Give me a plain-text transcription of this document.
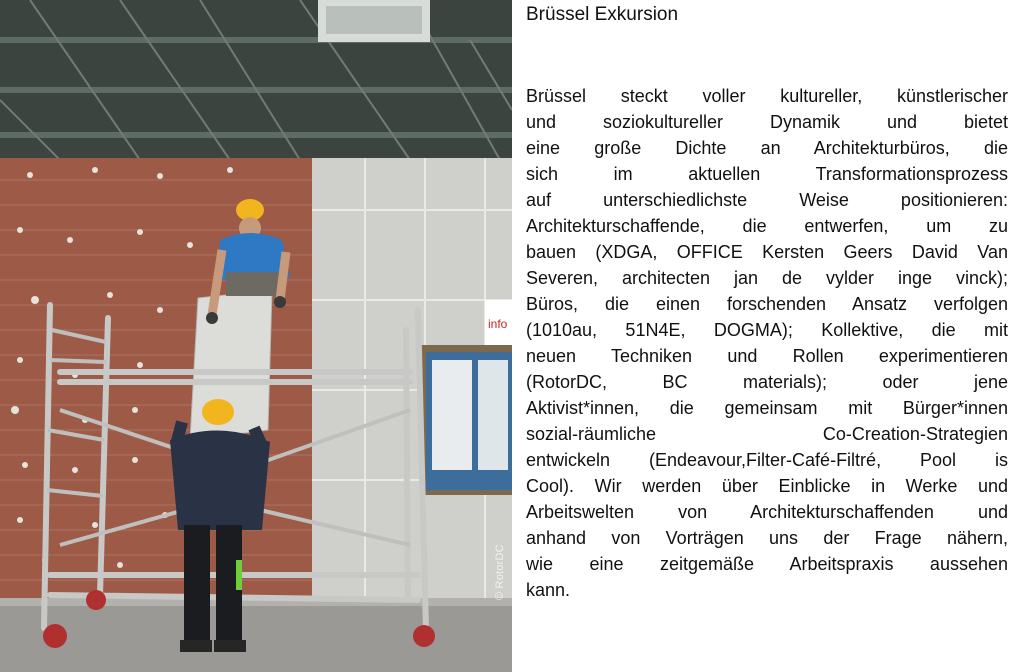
info
© RotorDC
Brüssel Exkursion
Brüssel steckt voller kultureller, künstlerischer
und soziokultureller Dynamik und bietet
eine große Dichte an Architekturbüros, die
sich im aktuellen Transformationsprozess
auf unterschiedlichste Weise positionieren:
Architekturschaffende, die entwerfen, um zu
bauen (XDGA, OFFICE Kersten Geers David Van
Severen, architecten jan de vylder inge vinck);
Büros, die einen forschenden Ansatz verfolgen
(1010au, 51N4E, DOGMA); Kollektive, die mit
neuen Techniken und Rollen experimentieren
(RotorDC, BC materials); oder jene
Aktivist*innen, die gemeinsam mit Bürger*innen
sozial-räumliche Co-Creation-Strategien
entwickeln (Endeavour,Filter-Café-Filtré, Pool is
Cool). Wir werden über Einblicke in Werke und
Arbeitswelten von Architekturschaffenden und
anhand von Vorträgen uns der Frage nähern,
wie eine zeitgemäße Arbeitspraxis aussehen
kann.
